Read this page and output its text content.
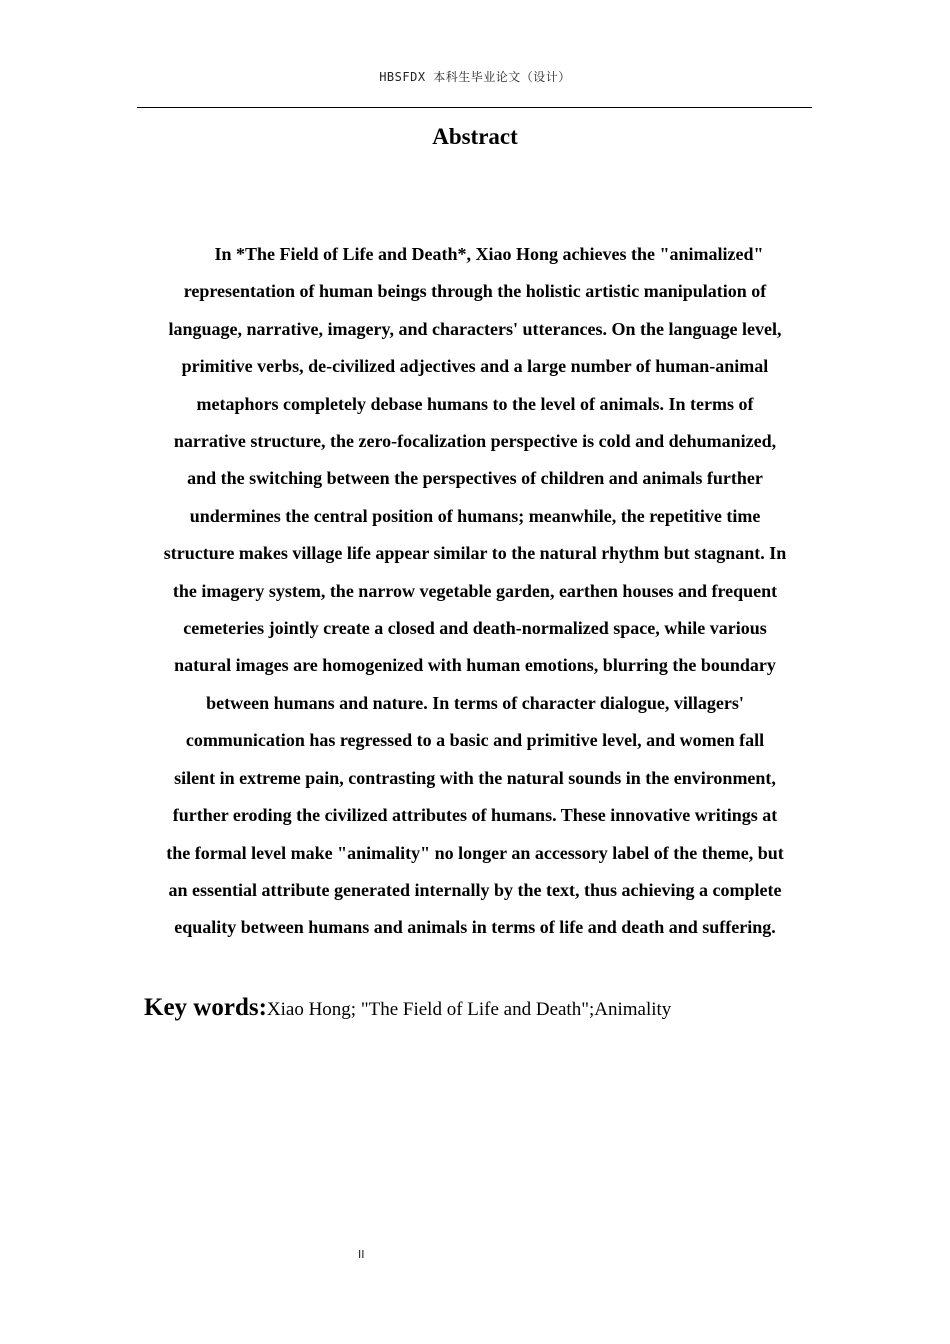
HBSFDX 本科生毕业论文（设计）
Abstract

In *The Field of Life and Death*, Xiao Hong achieves the "animalized"
representation of human beings through the holistic artistic manipulation of
language, narrative, imagery, and characters' utterances. On the language level,
primitive verbs, de-civilized adjectives and a large number of human-animal
metaphors completely debase humans to the level of animals. In terms of
narrative structure, the zero-focalization perspective is cold and dehumanized,
and the switching between the perspectives of children and animals further
undermines the central position of humans; meanwhile, the repetitive time
structure makes village life appear similar to the natural rhythm but stagnant. In
the imagery system, the narrow vegetable garden, earthen houses and frequent
cemeteries jointly create a closed and death-normalized space, while various
natural images are homogenized with human emotions, blurring the boundary
between humans and nature. In terms of character dialogue, villagers'
communication has regressed to a basic and primitive level, and women fall
silent in extreme pain, contrasting with the natural sounds in the environment,
further eroding the civilized attributes of humans. These innovative writings at
the formal level make "animality" no longer an accessory label of the theme, but
an essential attribute generated internally by the text, thus achieving a complete
equality between humans and animals in terms of life and death and suffering.

Key words:Xiao Hong; "The Field of Life and Death";Animality
II
